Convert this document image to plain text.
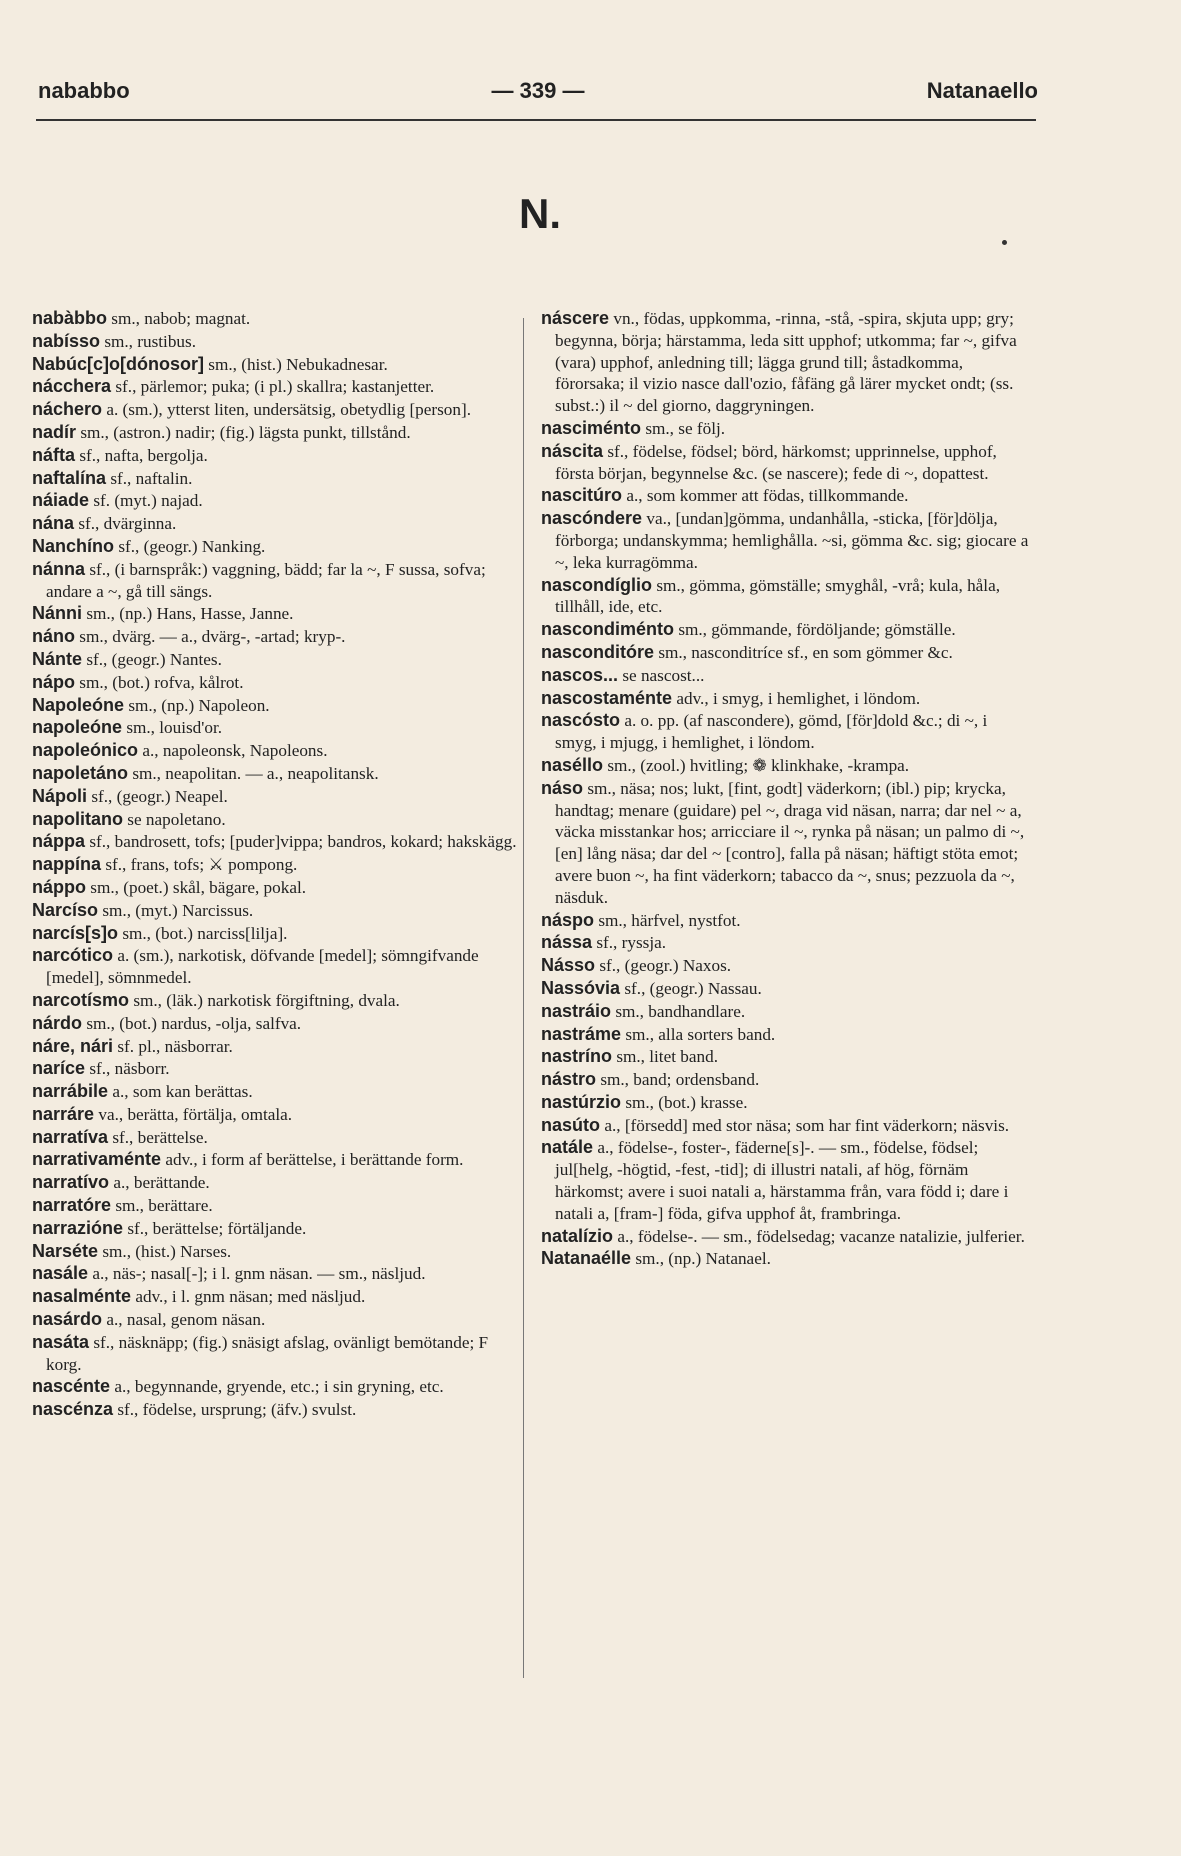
nababbo	— 339 —	Natanaello
N.
nabàbbo sm., nabob; magnat.
nabísso sm., rustibus.
Nabúc[c]o[dónosor] sm., (hist.) Nebukadnesar.
nácchera sf., pärlemor; puka; (i pl.) skallra; kastanjetter.
náchero a. (sm.), ytterst liten, undersätsig, obetydlig [person].
nadír sm., (astron.) nadir; (fig.) lägsta punkt, tillstånd.
náfta sf., nafta, bergolja.
naftalína sf., naftalin.
náiade sf. (myt.) najad.
nána sf., dvärginna.
Nanchíno sf., (geogr.) Nanking.
nánna sf., (i barnspråk:) vaggning, bädd; far la ~, F sussa, sofva; andare a ~, gå till sängs.
Nánni sm., (np.) Hans, Hasse, Janne.
náno sm., dvärg. — a., dvärg-, -artad; kryp-.
Nánte sf., (geogr.) Nantes.
nápo sm., (bot.) rofva, kålrot.
Napoleóne sm., (np.) Napoleon.
napoleóne sm., louisd'or.
napoleónico a., napoleonsk, Napoleons.
napoletáno sm., neapolitan. — a., neapolitansk.
Nápoli sf., (geogr.) Neapel.
napolitano se napoletano.
náppa sf., bandrosett, tofs; [puder]vippa; bandros, kokard; hakskägg.
nappína sf., frans, tofs; ⚔ pompong.
náppo sm., (poet.) skål, bägare, pokal.
Narcíso sm., (myt.) Narcissus.
narcís[s]o sm., (bot.) narciss[lilja].
narcótico a. (sm.), narkotisk, döfvande [medel]; sömngifvande [medel], sömnmedel.
narcotísmo sm., (läk.) narkotisk förgiftning, dvala.
nárdo sm., (bot.) nardus, -olja, salfva.
náre, nári sf. pl., näsborrar.
naríce sf., näsborr.
narrábile a., som kan berättas.
narráre va., berätta, förtälja, omtala.
narratíva sf., berättelse.
narrativaménte adv., i form af berättelse, i berättande form.
narratívo a., berättande.
narratóre sm., berättare.
narrazióne sf., berättelse; förtäljande.
Narséte sm., (hist.) Narses.
nasále a., näs-; nasal[-]; i l. gnm näsan. — sm., näsljud.
nasalménte adv., i l. gnm näsan; med näsljud.
nasárdo a., nasal, genom näsan.
nasáta sf., näsknäpp; (fig.) snäsigt afslag, ovänligt bemötande; F korg.
nascénte a., begynnande, gryende, etc.; i sin gryning, etc.
nascénza sf., födelse, ursprung; (äfv.) svulst.
náscere vn., födas, uppkomma, -rinna, -stå, -spira, skjuta upp; gry; begynna, börja; härstamma, leda sitt upphof; utkomma; far ~, gifva (vara) upphof, anledning till; lägga grund till; åstadkomma, förorsaka; il vizio nasce dall'ozio, fåfäng gå lärer mycket ondt; (ss. subst.:) il ~ del giorno, daggryningen.
nasciménto sm., se följ.
náscita sf., födelse, födsel; börd, härkomst; upprinnelse, upphof, första början, begynnelse &c. (se nascere); fede di ~, dopattest.
nascitúro a., som kommer att födas, tillkommande.
nascóndere va., [undan]gömma, undanhålla, -sticka, [för]dölja, förborga; undanskymma; hemlighålla. ~si, gömma &c. sig; giocare a ~, leka kurragömma.
nascondíglio sm., gömma, gömställe; smyghål, -vrå; kula, håla, tillhåll, ide, etc.
nascondiménto sm., gömmande, fördöljande; gömställe.
nasconditóre sm., nasconditríce sf., en som gömmer &c.
nascos... se nascost...
nascostaménte adv., i smyg, i hemlighet, i löndom.
nascósto a. o. pp. (af nascondere), gömd, [för]dold &c.; di ~, i smyg, i mjugg, i hemlighet, i löndom.
naséllo sm., (zool.) hvitling; ❁ klinkhake, -krampa.
náso sm., näsa; nos; lukt, [fint, godt] väderkorn; (ibl.) pip; krycka, handtag; menare (guidare) pel ~, draga vid näsan, narra; dar nel ~ a, väcka misstankar hos; arricciare il ~, rynka på näsan; un palmo di ~, [en] lång näsa; dar del ~ [contro], falla på näsan; häftigt stöta emot; avere buon ~, ha fint väderkorn; tabacco da ~, snus; pezzuola da ~, näsduk.
náspo sm., härfvel, nystfot.
nássa sf., ryssja.
Násso sf., (geogr.) Naxos.
Nassóvia sf., (geogr.) Nassau.
nastráio sm., bandhandlare.
nastráme sm., alla sorters band.
nastríno sm., litet band.
nástro sm., band; ordensband.
nastúrzio sm., (bot.) krasse.
nasúto a., [försedd] med stor näsa; som har fint väderkorn; näsvis.
natále a., födelse-, foster-, fäderne[s]-. — sm., födelse, födsel; jul[helg, -högtid, -fest, -tid]; di illustri natali, af hög, förnäm härkomst; avere i suoi natali a, härstamma från, vara född i; dare i natali a, [fram-] föda, gifva upphof åt, frambringa.
natalízio a., födelse-. — sm., födelsedag; vacanze natalizie, julferier.
Natanaélle sm., (np.) Natanael.
